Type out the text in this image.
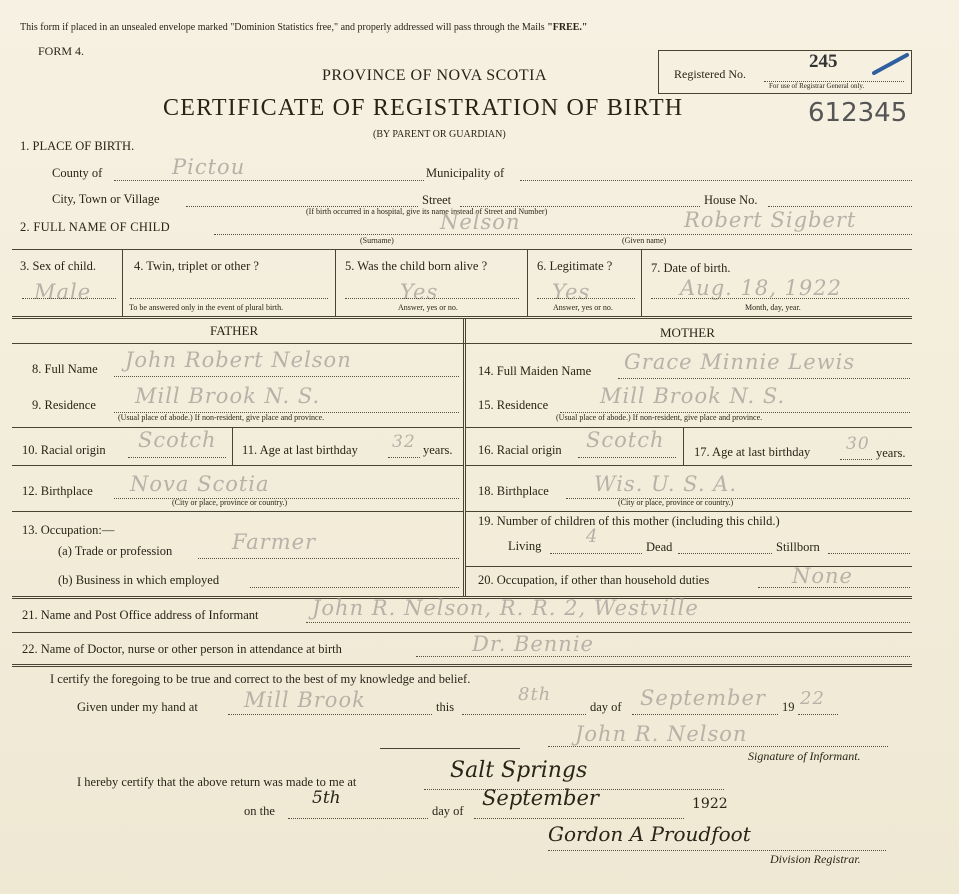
This form if placed in an unsealed envelope marked "Dominion Statistics free," and properly addressed will pass through the Mails "FREE."
FORM 4.
PROVINCE OF NOVA SCOTIA
CERTIFICATE OF REGISTRATION OF BIRTH
(BY PARENT OR GUARDIAN)
Registered No.
245
For use of Registrar General only.
612345
1. PLACE OF BIRTH.
County of	Pictou	Municipality of
City, Town or Village	Street	House No.
(If birth occurred in a hospital, give its name instead of Street and Number)
2. FULL NAME OF CHILD	Nelson	Robert Sigbert
(Surname)	(Given name)
3. Sex of child.
Male
4. Twin, triplet or other ?
To be answered only in the event of plural birth.
5. Was the child born alive ?
Yes
Answer, yes or no.
6. Legitimate ?
Yes
Answer, yes or no.
7. Date of birth.
Aug. 18, 1922
Month, day, year.
FATHER	MOTHER
8. Full Name John Robert Nelson
9. Residence Mill Brook N. S.
(Usual place of abode.) If non-resident, give place and province.
10. Racial origin Scotch 11. Age at last birthday 32 years.
12. Birthplace Nova Scotia
(City or place, province or country.)
13. Occupation:—
(a) Trade or profession	Farmer
(b) Business in which employed
14. Full Maiden Name Grace Minnie Lewis
15. Residence Mill Brook N. S.
(Usual place of abode.) If non-resident, give place and province.
16. Racial origin Scotch 17. Age at last birthday 30 years.
18. Birthplace Wis. U. S. A.
(City or place, province or country.)
19. Number of children of this mother (including this child.)
Living 4	Dead	Stillborn
20. Occupation, if other than household duties	None
21. Name and Post Office address of Informant	John R. Nelson, R. R. 2, Westville
22. Name of Doctor, nurse or other person in attendance at birth	Dr. Bennie
I certify the foregoing to be true and correct to the best of my knowledge and belief.
Given under my hand at Mill Brook	this
8th
day of September 19 22
John R. Nelson
Signature of Informant.
I hereby certify that the above return was made to me at	Salt Springs
on the
5th
day of
September	1922
Gordon A Proudfoot
Division Registrar.
